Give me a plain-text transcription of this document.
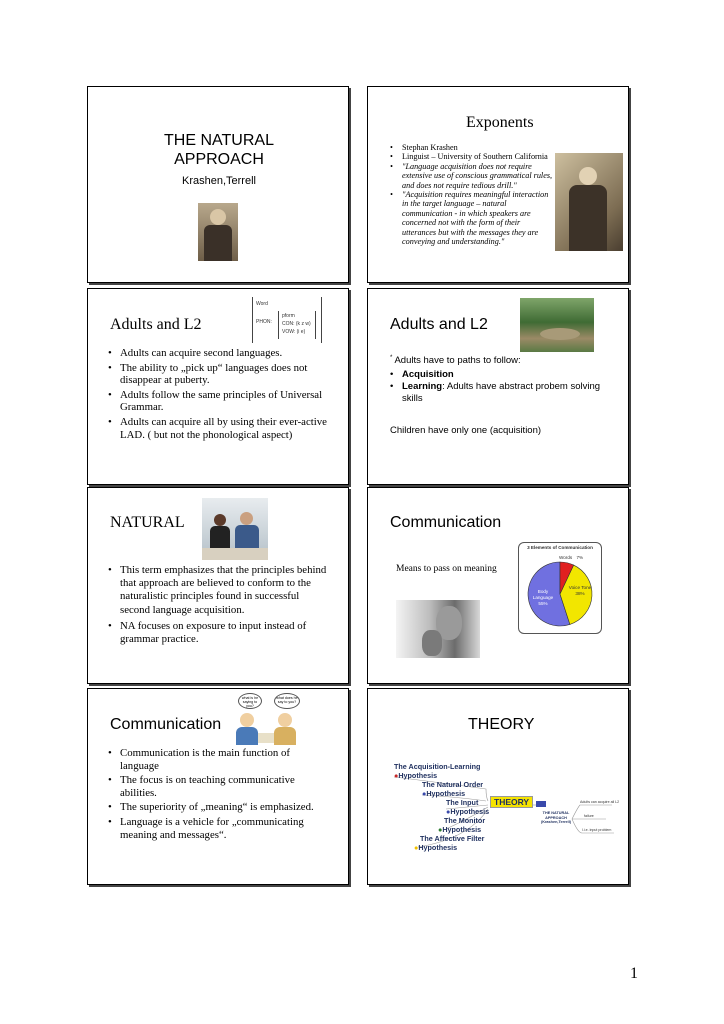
THE NATURAL
APPROACH
Krashen,Terrell
Exponents
• Stephan Krashen
• Linguist – University of Southern California
• "Language acquisition does not require extensive use of conscious grammatical rules, and does not require tedious drill."
• "Acquisition requires meaningful interaction in the target language – natural communication - in which speakers are concerned not with the form of their utterances but with the messages they are conveying and understanding."
Adults and L2
Word
PHON:
pform
CON: (k z w)
VOW: (i e)
• Adults can acquire second languages.
• The ability to „pick up“ languages does not disappear at puberty.
• Adults follow the same principles of Universal Grammar.
• Adults can acquire all by using their ever-active LAD. ( but not the phonological aspect)
Adults and L2
* Adults have to paths to follow:
• Acquisition
• Learning: Adults have abstract probem solving skills
Children have only one (acquisition)
NATURAL
• This term emphasizes that the principles behind that approach are believed to conform to the naturalistic principles found in successful second language acquisition.
• NA focuses on exposure to input instead of grammar practice.
Communication
Means to pass on meaning
3 Elements of Communication
Words 7%
Body Language
55%
Voice Tone
38%
Communication
what is he saying to you?
what does he say to you?
• Communication is the main function of language
• The focus is on teaching communicative abilities.
• The superiority of „meaning“ is emphasized.
• Language is a vehicle for „communicating meaning and messages“.
THEORY
The Acquisition-Learning
●Hypothesis
The Natural Order
●Hypothesis
The Input
●Hypothesis
The Monitor
●Hypothesis
The Affective Filter
●Hypothesis
THEORY
THE NATURAL APPROACH (Krashen,Terrell)
Adults can acquire all L2
failure
l.i.e. input problem
1
